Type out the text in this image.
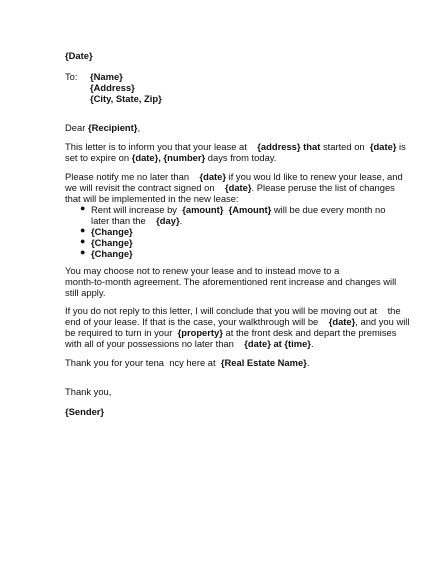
{Date}
To: {Name}
{Address}
{City, State, Zip}
Dear {Recipient},
This letter is to inform you that your lease at {address} that started on {date} is
set to expire on {date}, {number} days from today.
Please notify me no later than {date} if you wou ld like to renew your lease, and
we will revisit the contract signed on {date}. Please peruse the list of changes
that will be implemented in the new lease:
● Rent will increase by {amount} {Amount} will be due every month no
later than the {day}.
● {Change}
● {Change}
● {Change}
You may choose not to renew your lease and to instead move to a
month-to-month agreement. The aforementioned rent increase and changes will
still apply.
If you do not reply to this letter, I will conclude that you will be moving out at the
end of your lease. If that is the case, your walkthrough will be {date}, and you will
be required to turn in your {property} at the front desk and depart the premises
with all of your possessions no later than {date} at {time}.
Thank you for your tena ncy here at {Real Estate Name}.
Thank you,
{Sender}
